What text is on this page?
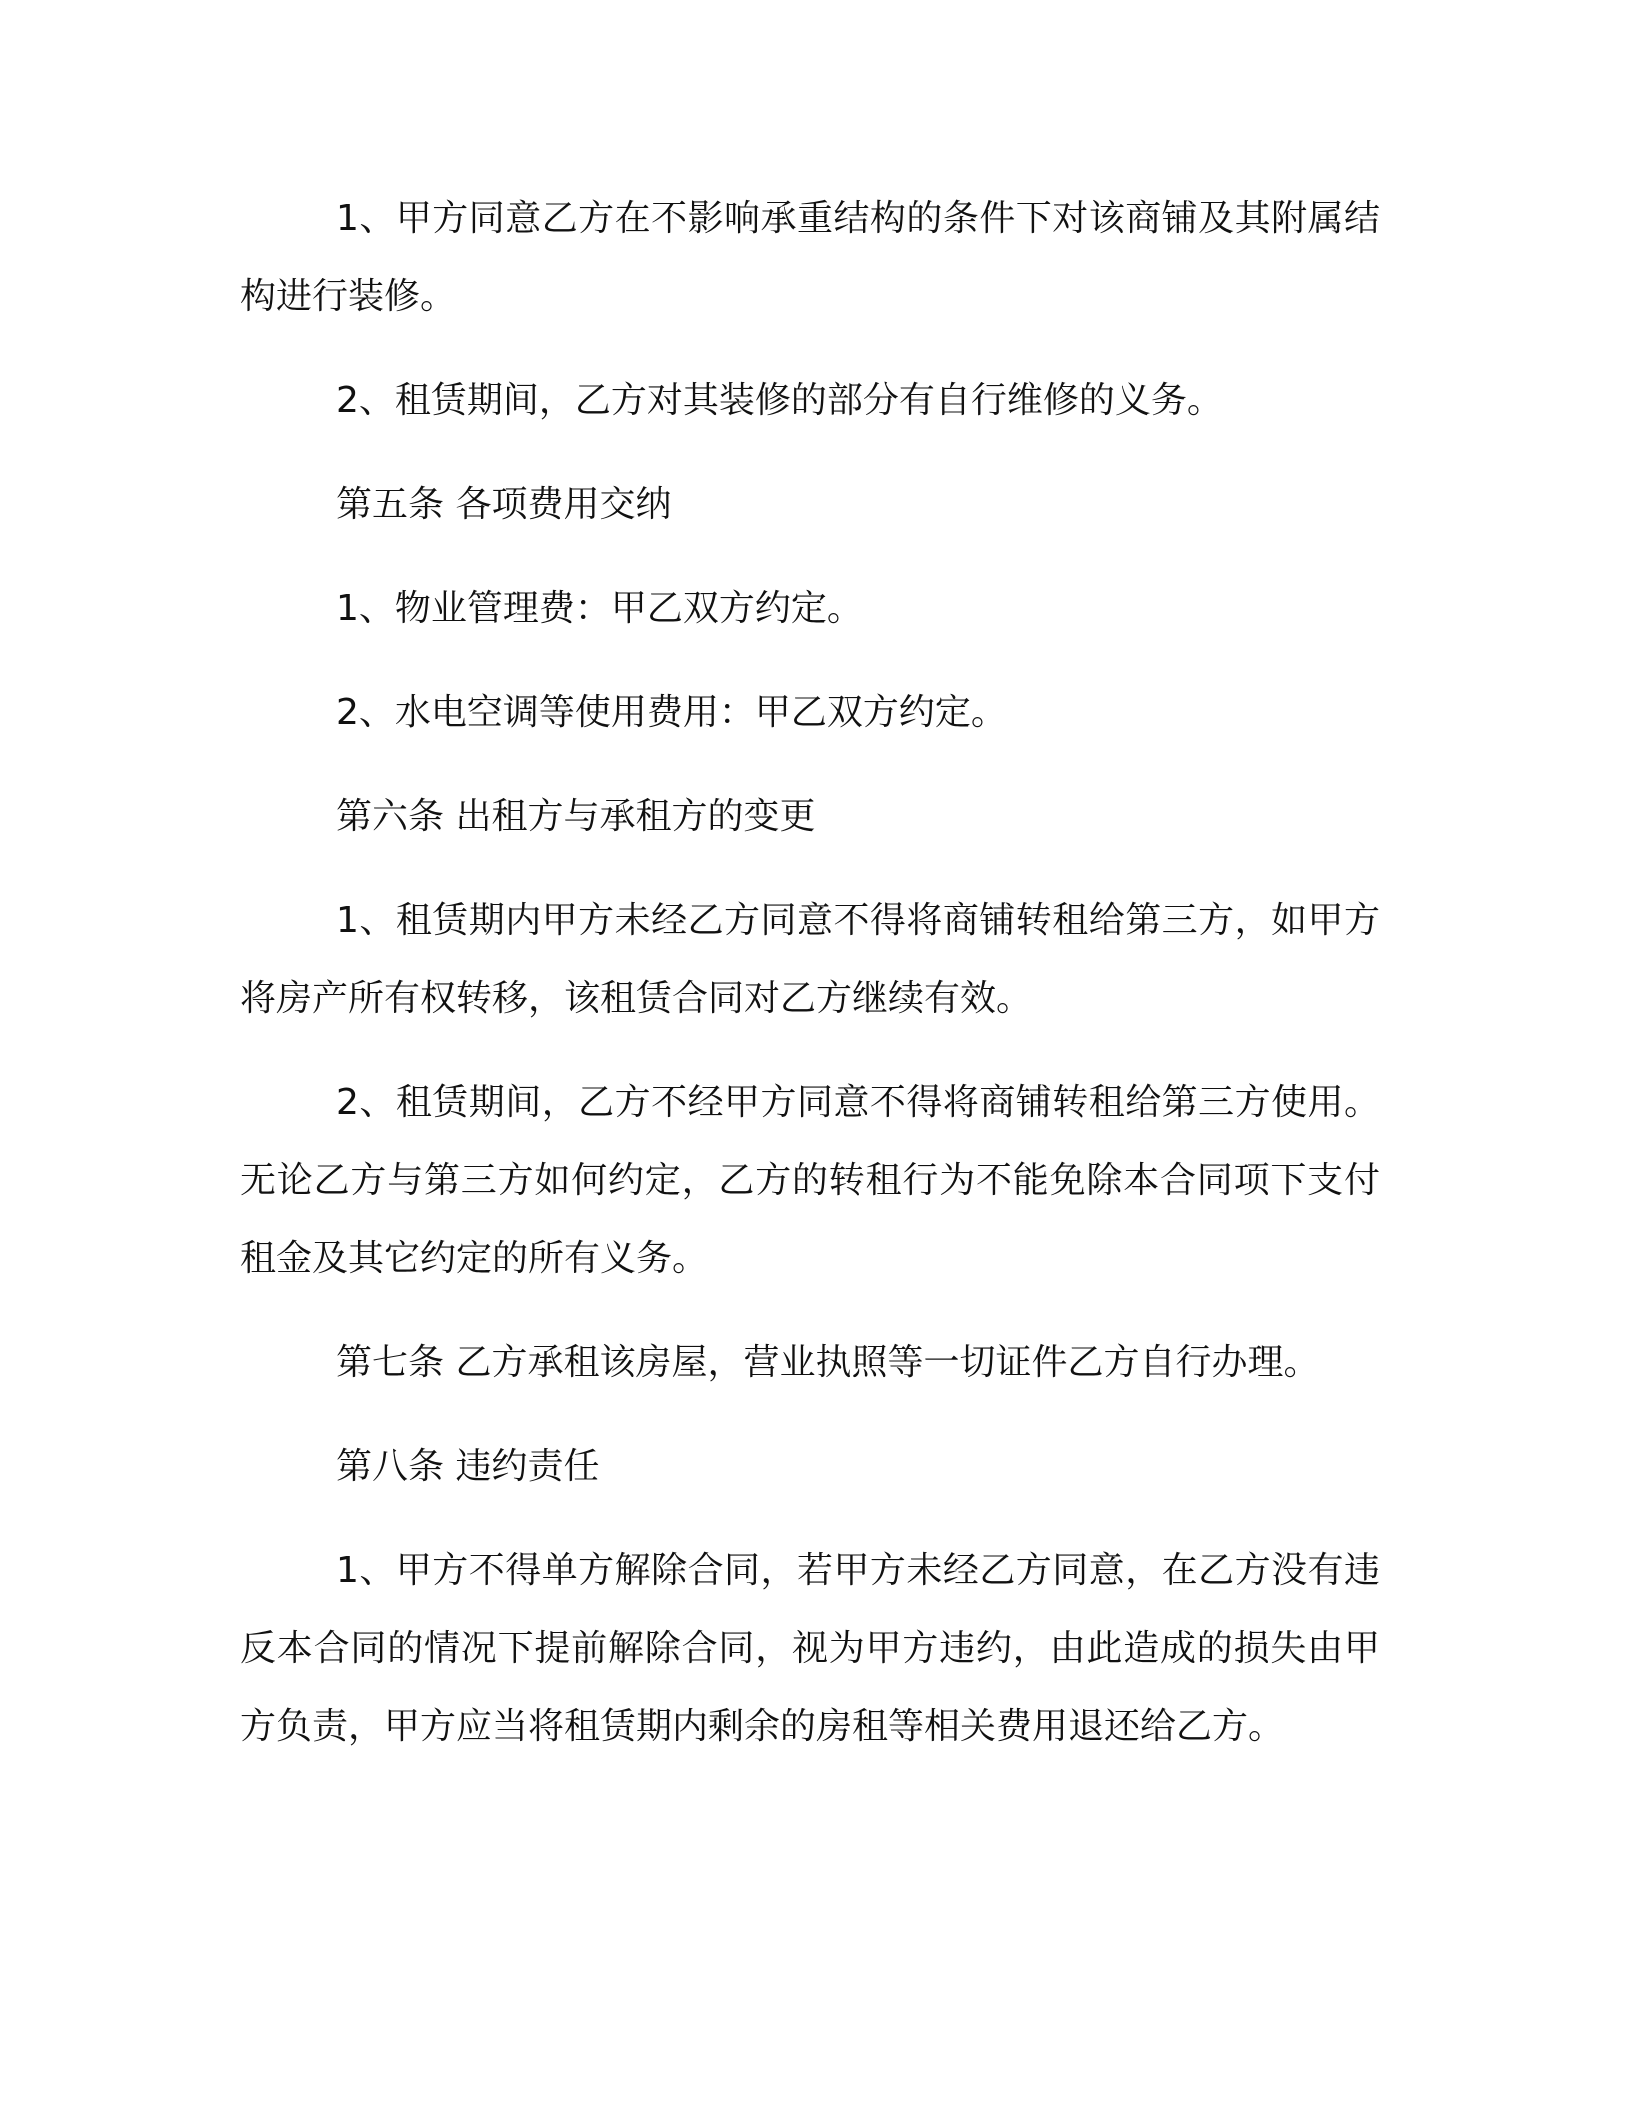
1、甲方同意乙方在不影响承重结构的条件下对该商铺及其附属结构进行装修。

2、租赁期间，乙方对其装修的部分有自行维修的义务。

第五条 各项费用交纳

1、物业管理费：甲乙双方约定。

2、水电空调等使用费用：甲乙双方约定。

第六条 出租方与承租方的变更

1、租赁期内甲方未经乙方同意不得将商铺转租给第三方，如甲方将房产所有权转移，该租赁合同对乙方继续有效。

2、租赁期间，乙方不经甲方同意不得将商铺转租给第三方使用。无论乙方与第三方如何约定，乙方的转租行为不能免除本合同项下支付租金及其它约定的所有义务。

第七条 乙方承租该房屋，营业执照等一切证件乙方自行办理。

第八条 违约责任

1、甲方不得单方解除合同，若甲方未经乙方同意，在乙方没有违反本合同的情况下提前解除合同，视为甲方违约，由此造成的损失由甲方负责，甲方应当将租赁期内剩余的房租等相关费用退还给乙方。
